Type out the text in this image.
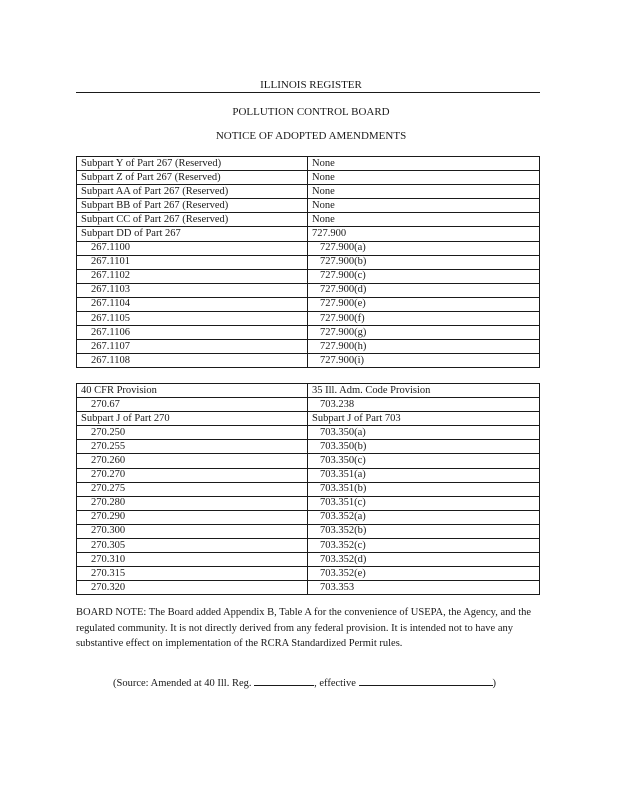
ILLINOIS REGISTER
POLLUTION CONTROL BOARD
NOTICE OF ADOPTED AMENDMENTS
Subpart Y of Part 267 (Reserved)	None
Subpart Z of Part 267 (Reserved)	None
Subpart AA of Part 267 (Reserved)	None
Subpart BB of Part 267 (Reserved)	None
Subpart CC of Part 267 (Reserved)	None
Subpart DD of Part 267	727.900
267.1100	727.900(a)
267.1101	727.900(b)
267.1102	727.900(c)
267.1103	727.900(d)
267.1104	727.900(e)
267.1105	727.900(f)
267.1106	727.900(g)
267.1107	727.900(h)
267.1108	727.900(i)
40 CFR Provision	35 Ill. Adm. Code Provision
270.67	703.238
Subpart J of Part 270	Subpart J of Part 703
270.250	703.350(a)
270.255	703.350(b)
270.260	703.350(c)
270.270	703.351(a)
270.275	703.351(b)
270.280	703.351(c)
270.290	703.352(a)
270.300	703.352(b)
270.305	703.352(c)
270.310	703.352(d)
270.315	703.352(e)
270.320	703.353
BOARD NOTE: The Board added Appendix B, Table A for the convenience of USEPA, the Agency, and the regulated community. It is not directly derived from any federal provision. It is intended not to have any substantive effect on implementation of the RCRA Standardized Permit rules.
(Source: Amended at 40 Ill. Reg.	, effective	)
